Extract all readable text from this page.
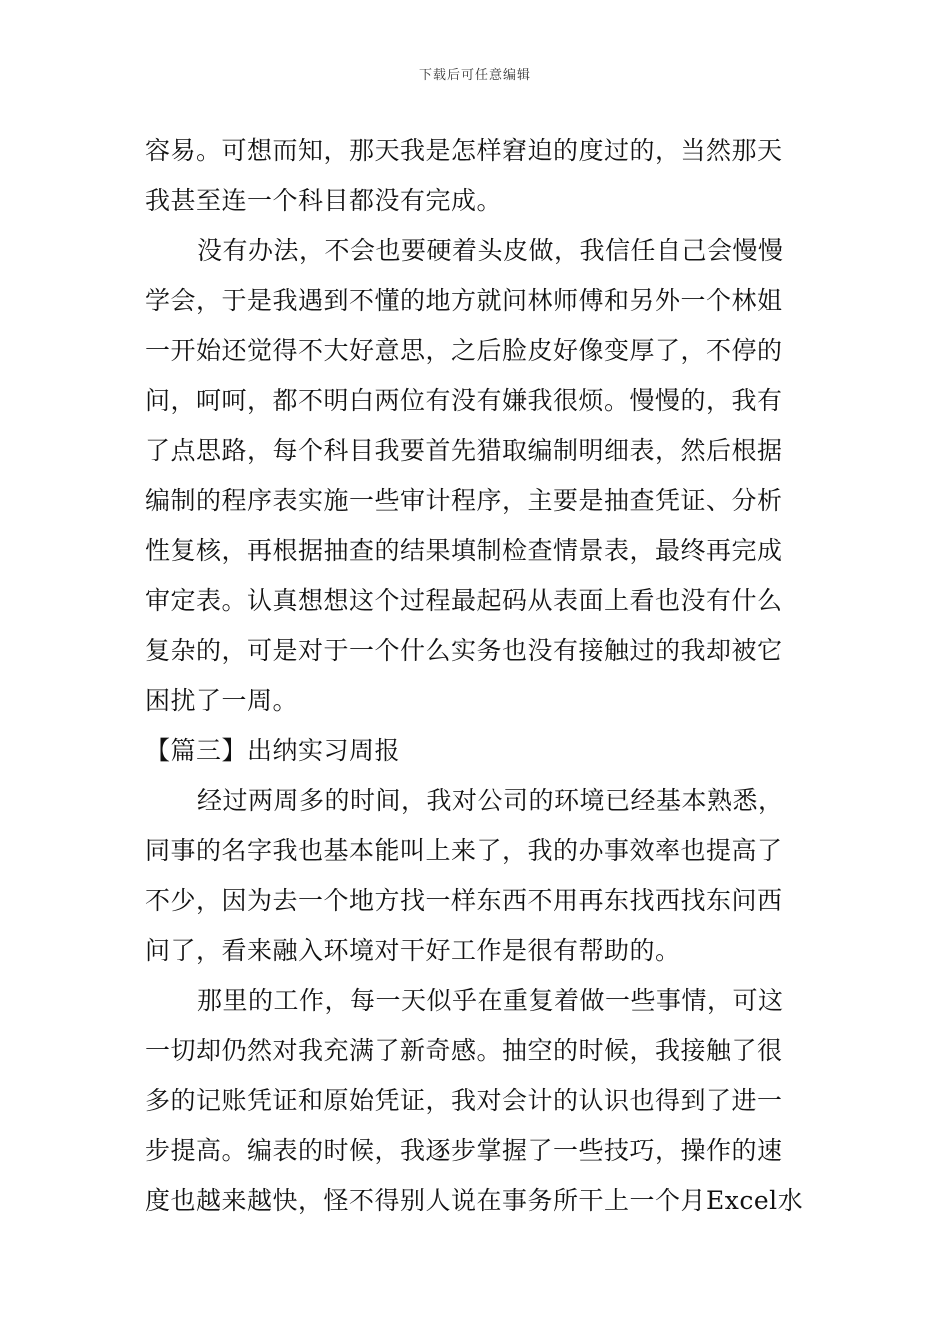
下载后可任意编辑
容易。可想而知，那天我是怎样窘迫的度过的，当然那天
我甚至连一个科目都没有完成。
没有办法，不会也要硬着头皮做，我信任自己会慢慢
学会，于是我遇到不懂的地方就问林师傅和另外一个林姐
一开始还觉得不大好意思，之后脸皮好像变厚了，不停的
问，呵呵，都不明白两位有没有嫌我很烦。慢慢的，我有
了点思路，每个科目我要首先猎取编制明细表，然后根据
编制的程序表实施一些审计程序，主要是抽查凭证、分析
性复核，再根据抽查的结果填制检查情景表，最终再完成
审定表。认真想想这个过程最起码从表面上看也没有什么
复杂的，可是对于一个什么实务也没有接触过的我却被它
困扰了一周。
【篇三】出纳实习周报
经过两周多的时间，我对公司的环境已经基本熟悉，
同事的名字我也基本能叫上来了，我的办事效率也提高了
不少，因为去一个地方找一样东西不用再东找西找东问西
问了，看来融入环境对干好工作是很有帮助的。
那里的工作，每一天似乎在重复着做一些事情，可这
一切却仍然对我充满了新奇感。抽空的时候，我接触了很
多的记账凭证和原始凭证，我对会计的认识也得到了进一
步提高。编表的时候，我逐步掌握了一些技巧，操作的速
度也越来越快，怪不得别人说在事务所干上一个月Excel水
